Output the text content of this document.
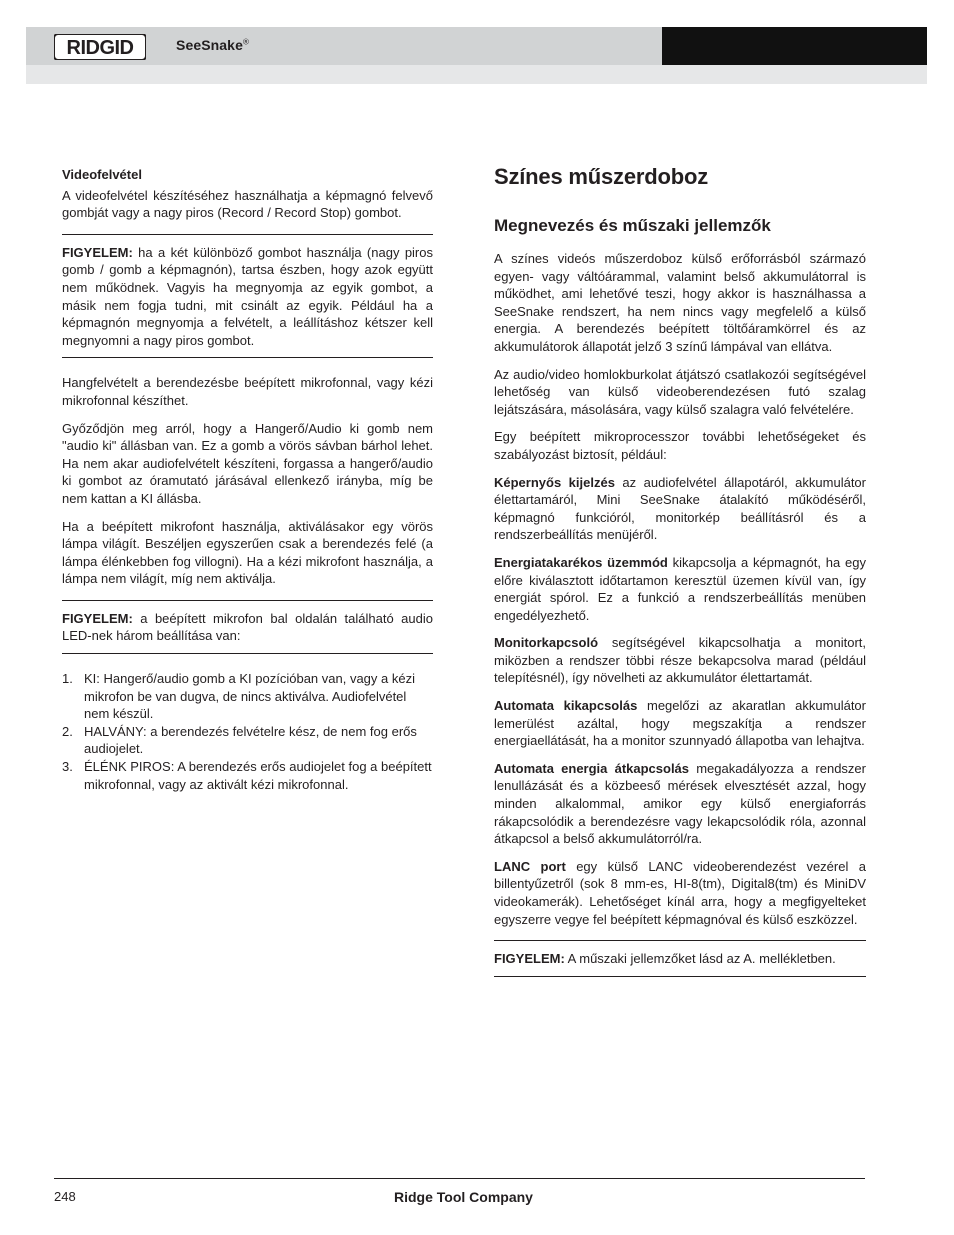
RIDGID	SeeSnake®
Videofelvétel

A videofelvétel készítéséhez használhatja a képmagnó felvevő gombját vagy a nagy piros (Record / Record Stop) gombot.

FIGYELEM: ha a két különböző gombot használja (nagy piros gomb / gomb a képmagnón), tartsa észben, hogy azok együtt nem működnek. Vagyis ha megnyomja az egyik gombot, a másik nem fogja tudni, mit csinált az egyik. Például ha a képmagnón megnyomja a felvételt, a leállításhoz kétszer kell megnyomni a nagy piros gombot.

Hangfelvételt a berendezésbe beépített mikrofonnal, vagy kézi mikrofonnal készíthet.

Győződjön meg arról, hogy a Hangerő/Audio ki gomb nem "audio ki" állásban van. Ez a gomb a vörös sávban bárhol lehet. Ha nem akar audiofelvételt készíteni, forgassa a hangerő/audio ki gombot az óramutató járásával ellenkező irányba, míg be nem kattan a KI állásba.

Ha a beépített mikrofont használja, aktiválásakor egy vörös lámpa világít. Beszéljen egyszerűen csak a berendezés felé (a lámpa élénkebben fog villogni). Ha a kézi mikrofont használja, a lámpa nem világít, míg nem aktiválja.

FIGYELEM: a beépített mikrofon bal oldalán található audio LED-nek három beállítása van:

1. KI: Hangerő/audio gomb a KI pozícióban van, vagy a kézi mikrofon be van dugva, de nincs aktiválva. Audiofelvétel nem készül.
2. HALVÁNY: a berendezés felvételre kész, de nem fog erős audiojelet.
3. ÉLÉNK PIROS: A berendezés erős audiojelet fog a beépített mikrofonnal, vagy az aktivált kézi mikrofonnal.
Színes műszerdoboz
Megnevezés és műszaki jellemzők

A színes videós műszerdoboz külső erőforrásból származó egyen- vagy váltóárammal, valamint belső akkumulátorral is működhet, ami lehetővé teszi, hogy akkor is használhassa a SeeSnake rendszert, ha nem nincs vagy megfelelő a külső energia. A berendezés beépített töltőáramkörrel és az akkumulátorok állapotát jelző 3 színű lámpával van ellátva.

Az audio/video homlokburkolat átjátszó csatlakozói segítségével lehetőség van külső videoberendezésen futó szalag lejátszására, másolására, vagy külső szalagra való felvételére.

Egy beépített mikroprocesszor további lehetőségeket és szabályozást biztosít, például:

Képernyős kijelzés az audiofelvétel állapotáról, akkumulátor élettartamáról, Mini SeeSnake átalakító működéséről, képmagnó funkcióról, monitorkép beállításról és a rendszerbeállítás menüjéről.

Energiatakarékos üzemmód kikapcsolja a képmagnót, ha egy előre kiválasztott időtartamon keresztül üzemen kívül van, így energiát spórol. Ez a funkció a rendszerbeállítás menüben engedélyezhető.

Monitorkapcsoló segítségével kikapcsolhatja a monitort, miközben a rendszer többi része bekapcsolva marad (például telepítésnél), így növelheti az akkumulátor élettartamát.

Automata kikapcsolás megelőzi az akaratlan akkumulátor lemerülést azáltal, hogy megszakítja a rendszer energiaellátását, ha a monitor szunnyadó állapotba van lehajtva.

Automata energia átkapcsolás megakadályozza a rendszer lenullázását és a közbeeső mérések elvesztését azzal, hogy minden alkalommal, amikor egy külső energiaforrás rákapcsolódik a berendezésre vagy lekapcsolódik róla, azonnal átkapcsol a belső akkumulátorról/ra.

LANC port egy külső LANC videoberendezést vezérel a billentyűzetről (sok 8 mm-es, HI-8(tm), Digital8(tm) és MiniDV videokamerák). Lehetőséget kínál arra, hogy a megfigyelteket egyszerre vegye fel beépített képmagnóval és külső eszközzel.

FIGYELEM: A műszaki jellemzőket lásd az A. mellékletben.

248	Ridge Tool Company
